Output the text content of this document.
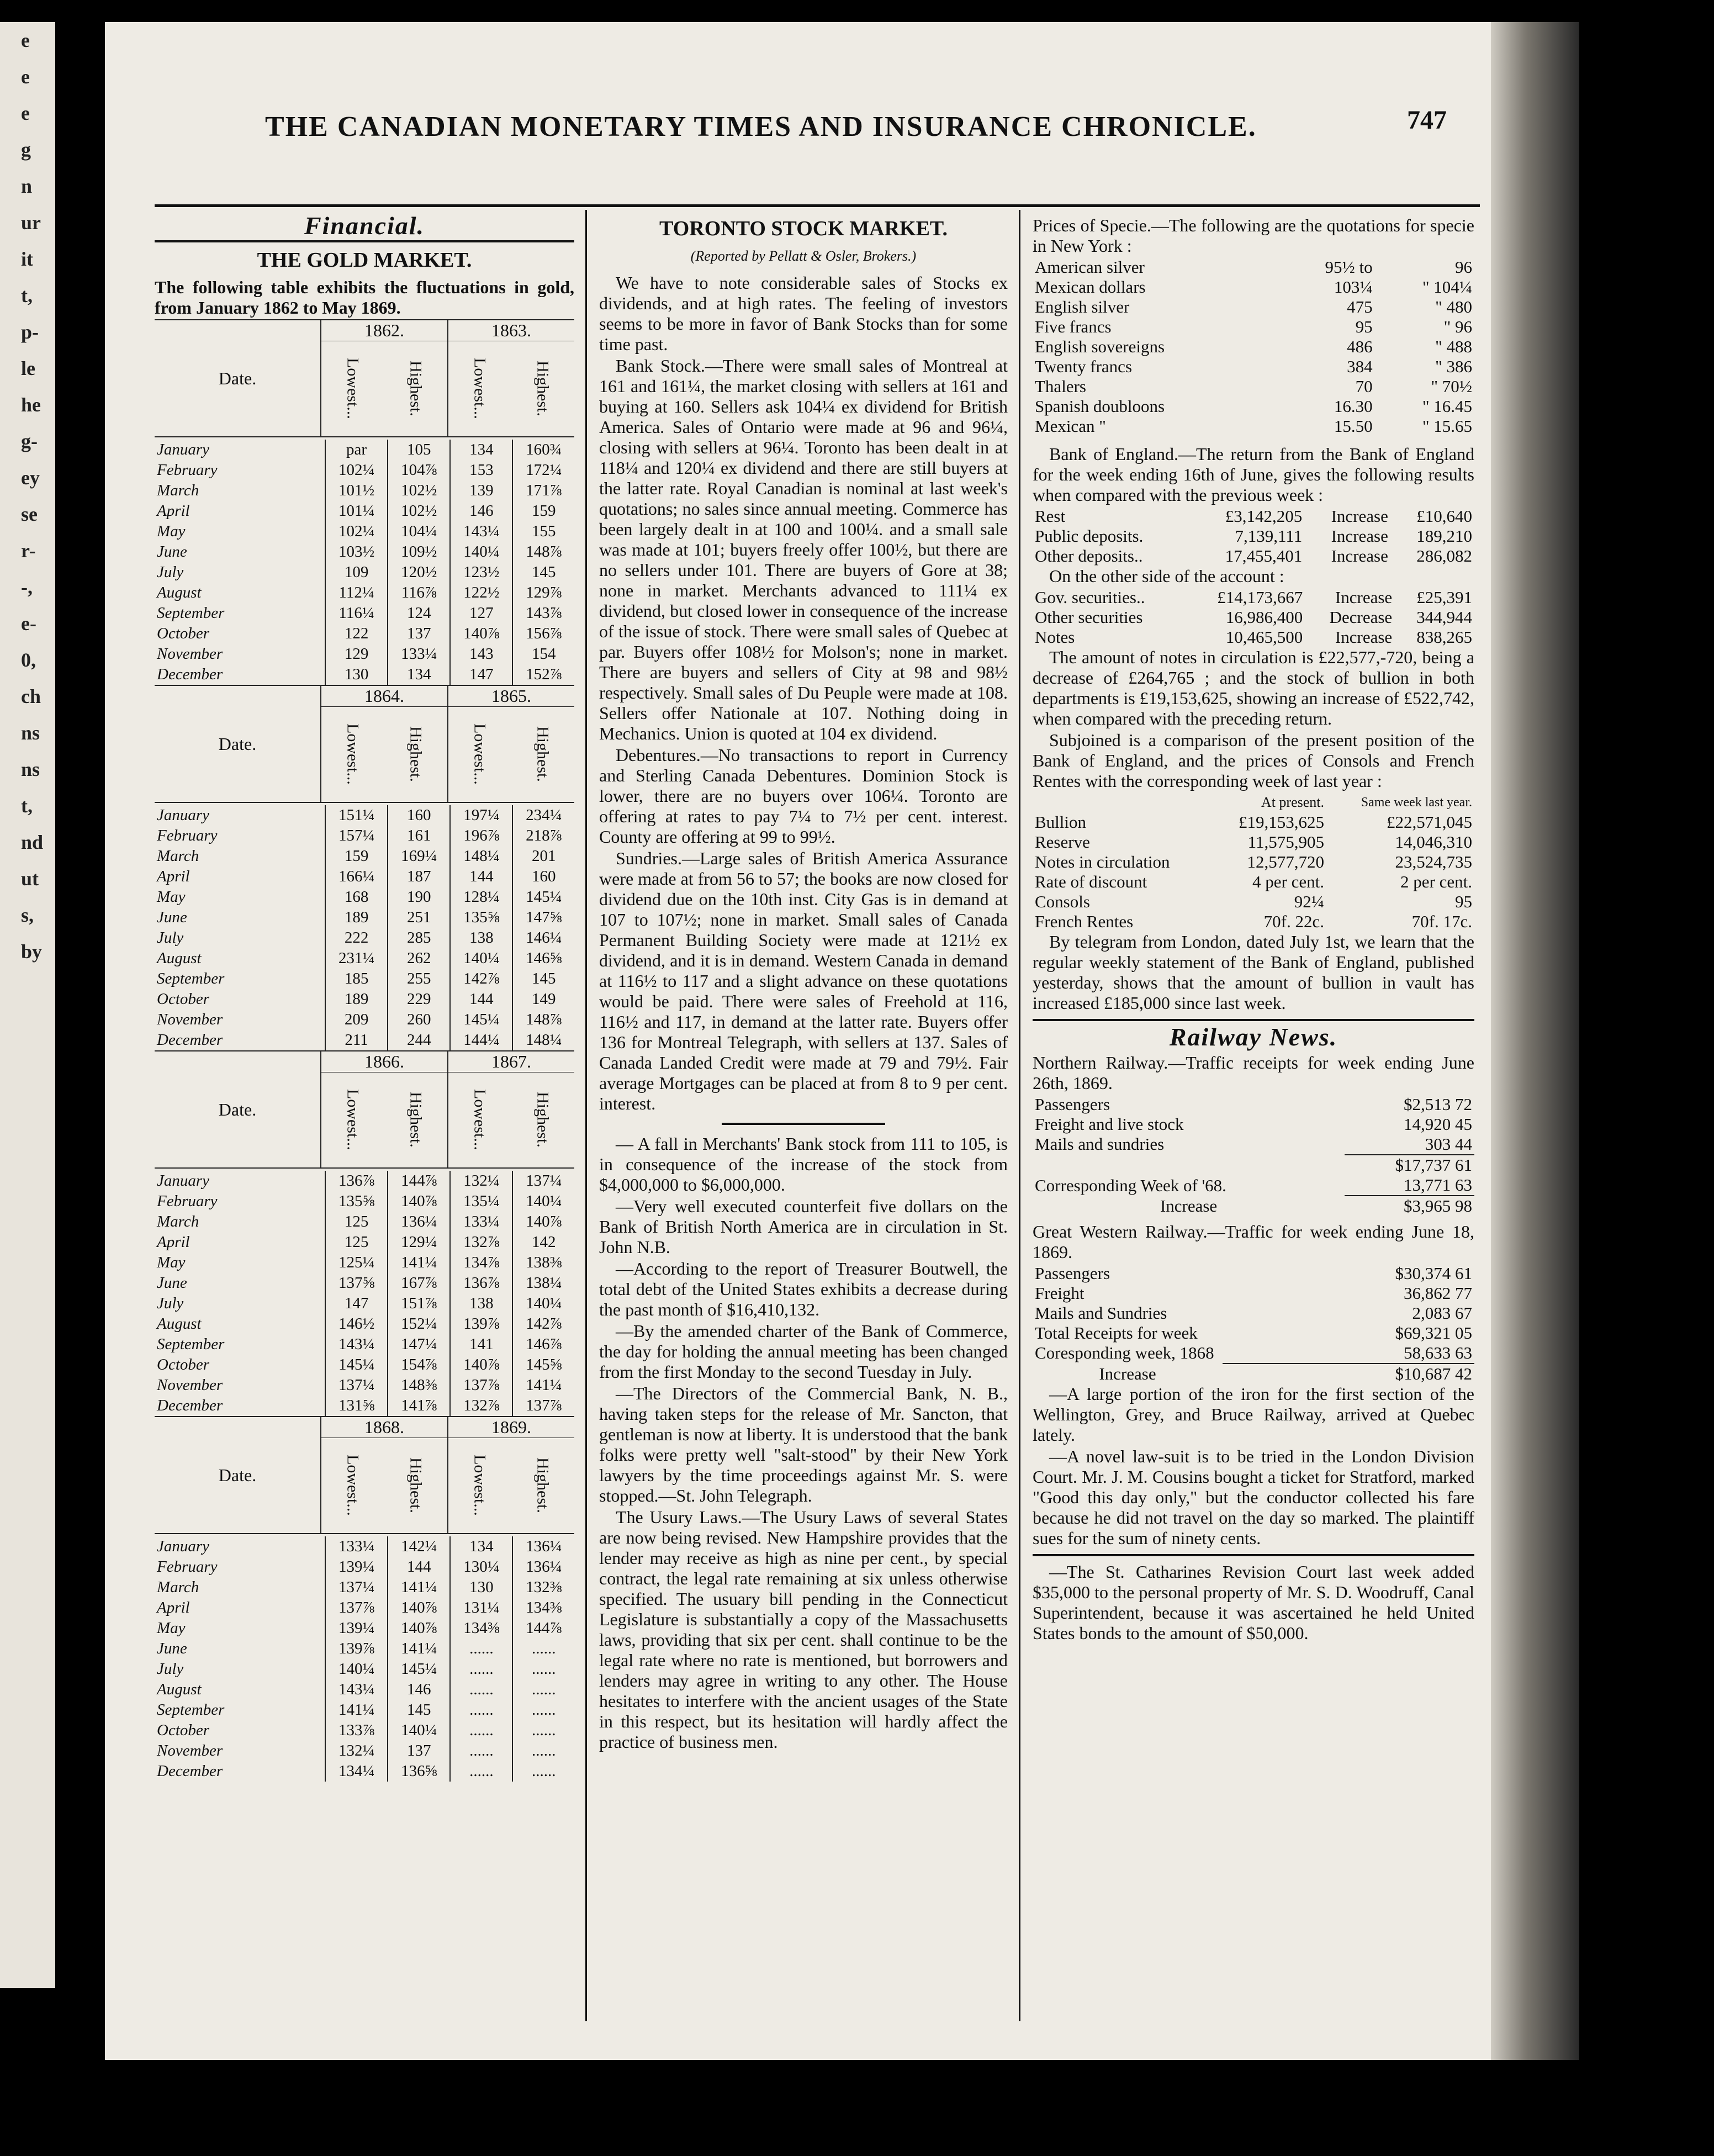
e
e
e
g
n
ur
it
t,
p-
le
he
g-
ey
se
r-
-,
e-
0,
ch
ns
ns
t,
nd
ut
s,
by
THE CANADIAN MONETARY TIMES AND INSURANCE CHRONICLE.	747
Financial.
THE GOLD MARKET.

The following table exhibits the fluctuations in gold, from January 1862 to May 1869.

Date.
1862.
Lowest...	Highest.
1863.
Lowest...	Highest.
January	par	105	134	160¾
February	102¼	104⅞	153	172¼
March	101½	102½	139	171⅞
April	101¼	102½	146	159
May	102¼	104¼	143¼	155
June	103½	109½	140¼	148⅞
July	109	120½	123½	145
August	112¼	116⅞	122½	129⅞
September	116¼	124	127	143⅞
October	122	137	140⅞	156⅞
November	129	133¼	143	154
December	130	134	147	152⅞
Date.
1864.
Lowest...	Highest.
1865.
Lowest...	Highest.
January	151¼	160	197¼	234¼
February	157¼	161	196⅞	218⅞
March	159	169¼	148¼	201
April	166¼	187	144	160
May	168	190	128¼	145¼
June	189	251	135⅝	147⅝
July	222	285	138	146¼
August	231¼	262	140¼	146⅝
September	185	255	142⅞	145
October	189	229	144	149
November	209	260	145¼	148⅞
December	211	244	144¼	148¼
Date.
1866.
Lowest...	Highest.
1867.
Lowest...	Highest.
January	136⅞	144⅞	132¼	137¼
February	135⅝	140⅞	135¼	140¼
March	125	136¼	133¼	140⅞
April	125	129¼	132⅞	142
May	125¼	141¼	134⅞	138⅜
June	137⅝	167⅞	136⅞	138¼
July	147	151⅞	138	140¼
August	146½	152¼	139⅞	142⅞
September	143¼	147¼	141	146⅞
October	145¼	154⅞	140⅞	145⅝
November	137¼	148⅜	137⅞	141¼
December	131⅝	141⅞	132⅞	137⅞
Date.
1868.
Lowest...	Highest.
1869.
Lowest...	Highest.
January	133¼	142¼	134	136¼
February	139¼	144	130¼	136¼
March	137¼	141¼	130	132⅜
April	137⅞	140⅞	131¼	134⅜
May	139¼	140⅞	134⅜	144⅞
June	139⅞	141¼	......	......
July	140¼	145¼	......	......
August	143¼	146	......	......
September	141¼	145	......	......
October	133⅞	140¼	......	......
November	132¼	137	......	......
December	134¼	136⅝	......	......
TORONTO STOCK MARKET.
(Reported by Pellatt & Osler, Brokers.)

We have to note considerable sales of Stocks ex dividends, and at high rates. The feeling of investors seems to be more in favor of Bank Stocks than for some time past.

Bank Stock.—There were small sales of Montreal at 161 and 161¼, the market closing with sellers at 161 and buying at 160. Sellers ask 104¼ ex dividend for British America. Sales of Ontario were made at 96 and 96¼, closing with sellers at 96¼. Toronto has been dealt in at 118¼ and 120¼ ex dividend and there are still buyers at the latter rate. Royal Canadian is nominal at last week's quotations; no sales since annual meeting. Commerce has been largely dealt in at 100 and 100¼. and a small sale was made at 101; buyers freely offer 100½, but there are no sellers under 101. There are buyers of Gore at 38; none in market. Merchants advanced to 111¼ ex dividend, but closed lower in consequence of the increase of the issue of stock. There were small sales of Quebec at par. Buyers offer 108½ for Molson's; none in market. There are buyers and sellers of City at 98 and 98½ respectively. Small sales of Du Peuple were made at 108. Sellers offer Nationale at 107. Nothing doing in Mechanics. Union is quoted at 104 ex dividend.

Debentures.—No transactions to report in Currency and Sterling Canada Debentures. Dominion Stock is lower, there are no buyers over 106¼. Toronto are offering at rates to pay 7¼ to 7½ per cent. interest. County are offering at 99 to 99½.

Sundries.—Large sales of British America Assurance were made at from 56 to 57; the books are now closed for dividend due on the 10th inst. City Gas is in demand at 107 to 107½; none in market. Small sales of Canada Permanent Building Society were made at 121½ ex dividend, and it is in demand. Western Canada in demand at 116½ to 117 and a slight advance on these quotations would be paid. There were sales of Freehold at 116, 116½ and 117, in demand at the latter rate. Buyers offer 136 for Montreal Telegraph, with sellers at 137. Sales of Canada Landed Credit were made at 79 and 79½. Fair average Mortgages can be placed at from 8 to 9 per cent. interest.

— A fall in Merchants' Bank stock from 111 to 105, is in consequence of the increase of the stock from $4,000,000 to $6,000,000.

—Very well executed counterfeit five dollars on the Bank of British North America are in circulation in St. John N.B.

—According to the report of Treasurer Boutwell, the total debt of the United States exhibits a decrease during the past month of $16,410,132.

—By the amended charter of the Bank of Commerce, the day for holding the annual meeting has been changed from the first Monday to the second Tuesday in July.

—The Directors of the Commercial Bank, N. B., having taken steps for the release of Mr. Sancton, that gentleman is now at liberty. It is understood that the bank folks were pretty well "salt-stood" by their New York lawyers by the time proceedings against Mr. S. were stopped.—St. John Telegraph.

The Usury Laws.—The Usury Laws of several States are now being revised. New Hampshire provides that the lender may receive as high as nine per cent., by special contract, the legal rate remaining at six unless otherwise specified. The usuary bill pending in the Connecticut Legislature is substantially a copy of the Massachusetts laws, providing that six per cent. shall continue to be the legal rate where no rate is mentioned, but borrowers and lenders may agree in writing to any other. The House hesitates to interfere with the ancient usages of the State in this respect, but its hesitation will hardly affect the practice of business men.

Prices of Specie.—The following are the quotations for specie in New York :

American silver	95½ to	96
Mexican dollars	103¼	" 104¼
English silver	475	" 480
Five francs	95	" 96
English sovereigns	486	" 488
Twenty francs	384	" 386
Thalers	70	" 70½
Spanish doubloons	16.30	" 16.45
Mexican "	15.50	" 15.65

Bank of England.—The return from the Bank of England for the week ending 16th of June, gives the following results when compared with the previous week :

Rest	£3,142,205	Increase	£10,640
Public deposits.	7,139,111	Increase	189,210
Other deposits..	17,455,401	Increase	286,082

On the other side of the account :

Gov. securities..	£14,173,667	Increase	£25,391
Other securities	16,986,400	Decrease	344,944
Notes	10,465,500	Increase	838,265

The amount of notes in circulation is £22,577,-720, being a decrease of £264,765 ; and the stock of bullion in both departments is £19,153,625, showing an increase of £522,742, when compared with the preceding return.

Subjoined is a comparison of the present position of the Bank of England, and the prices of Consols and French Rentes with the corresponding week of last year :

	At present.	Same week last year.
Bullion	£19,153,625	£22,571,045
Reserve	11,575,905	14,046,310
Notes in circulation	12,577,720	23,524,735
Rate of discount	4 per cent.	2 per cent.
Consols	92¼	95
French Rentes	70f. 22c.	70f. 17c.

By telegram from London, dated July 1st, we learn that the regular weekly statement of the Bank of England, published yesterday, shows that the amount of bullion in vault has increased £185,000 since last week.

Railway News.

Northern Railway.—Traffic receipts for week ending June 26th, 1869.

Passengers	$2,513 72
Freight and live stock	14,920 45
Mails and sundries	303 44
	$17,737 61
Corresponding Week of '68.	13,771 63
Increase	$3,965 98

Great Western Railway.—Traffic for week ending June 18, 1869.

Passengers	$30,374 61
Freight	36,862 77
Mails and Sundries	2,083 67
Total Receipts for week	$69,321 05
Coresponding week, 1868	58,633 63
Increase	$10,687 42

—A large portion of the iron for the first section of the Wellington, Grey, and Bruce Railway, arrived at Quebec lately.

—A novel law-suit is to be tried in the London Division Court. Mr. J. M. Cousins bought a ticket for Stratford, marked "Good this day only," but the conductor collected his fare because he did not travel on the day so marked. The plaintiff sues for the sum of ninety cents.

—The St. Catharines Revision Court last week added $35,000 to the personal property of Mr. S. D. Woodruff, Canal Superintendent, because it was ascertained he held United States bonds to the amount of $50,000.
